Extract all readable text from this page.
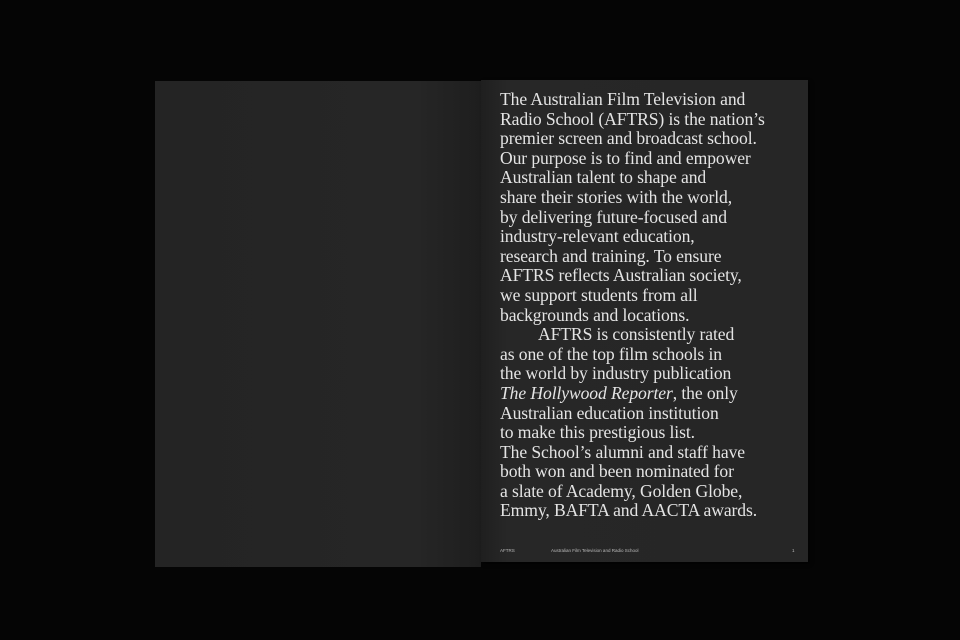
The Australian Film Television and
Radio School (AFTRS) is the nation’s
premier screen and broadcast school.
Our purpose is to find and empower
Australian talent to shape and
share their stories with the world,
by delivering future-focused and
industry-relevant education,
research and training. To ensure
AFTRS reflects Australian society,
we support students from all
backgrounds and locations.
AFTRS is consistently rated
as one of the top film schools in
the world by industry publication
The Hollywood Reporter, the only
Australian education institution
to make this prestigious list.
The School’s alumni and staff have
both won and been nominated for
a slate of Academy, Golden Globe,
Emmy, BAFTA and AACTA awards.
AFTRS	Australian Film Television and Radio School	1
